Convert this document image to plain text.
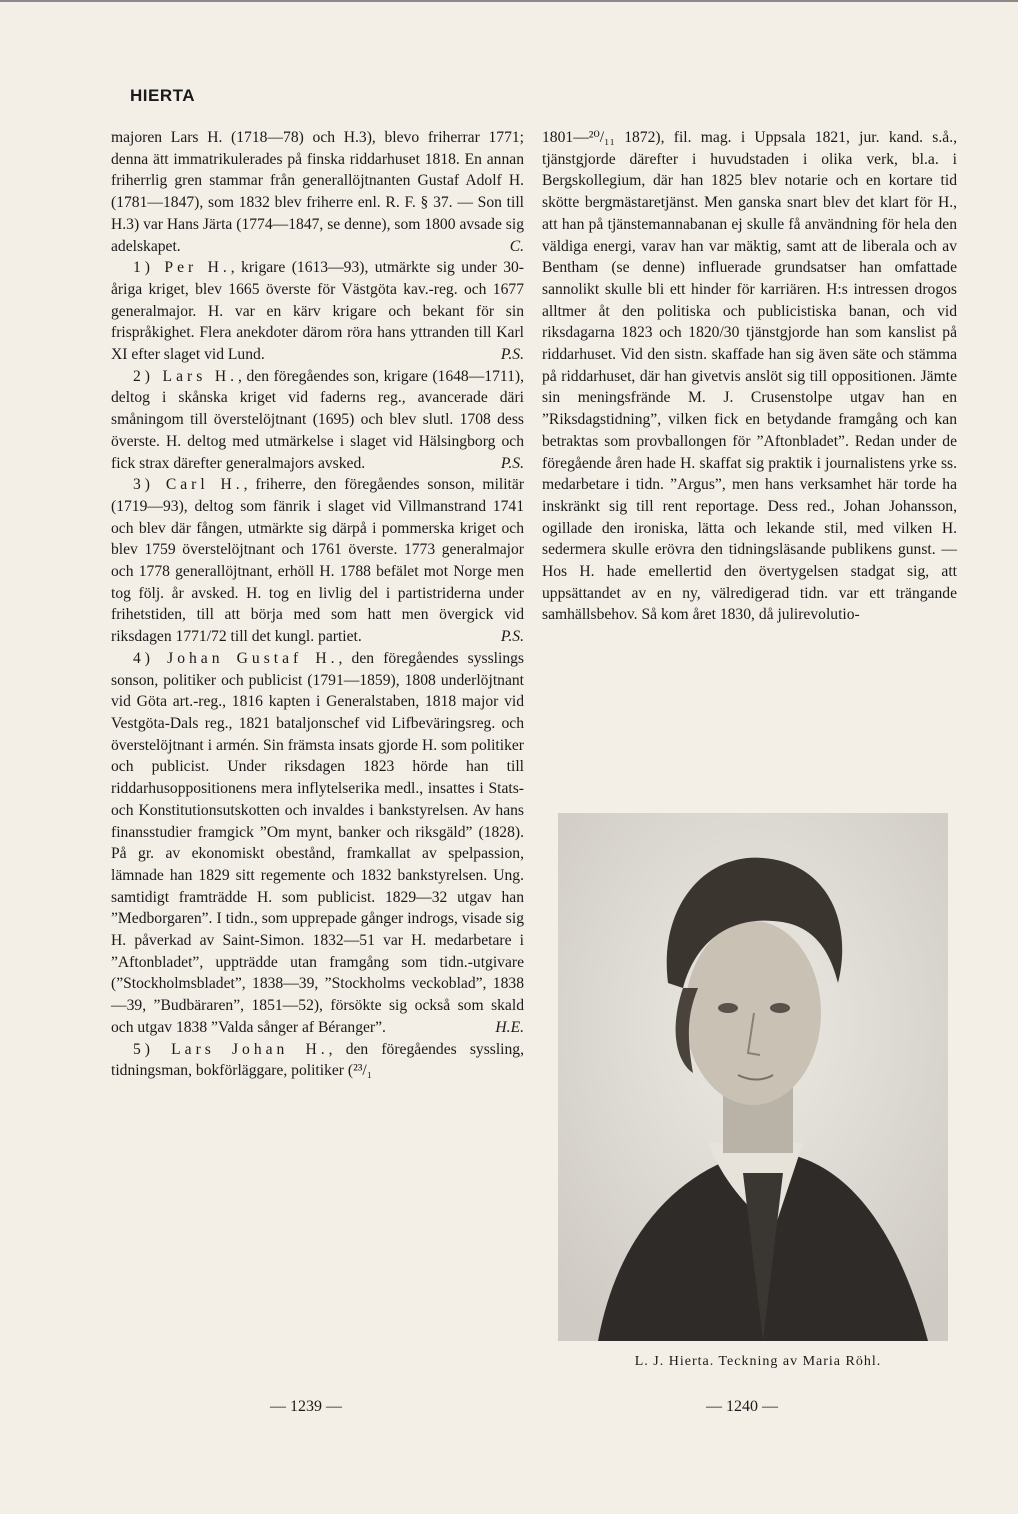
HIERTA

majoren Lars H. (1718—78) och H.3), blevo friherrar 1771; denna ätt immatrikulerades på finska riddarhuset 1818. En annan friherrlig gren stammar från generallöjtnanten Gustaf Adolf H. (1781—1847), som 1832 blev friherre enl. R. F. § 37. — Son till H.3) var Hans Järta (1774—1847, se denne), som 1800 avsade sig adelskapet.	C.

1) Per H., krigare (1613—93), utmärkte sig under 30-åriga kriget, blev 1665 överste för Västgöta kav.-reg. och 1677 generalmajor. H. var en kärv krigare och bekant för sin frispråkighet. Flera anekdoter därom röra hans yttranden till Karl XI efter slaget vid Lund.	P.S.

2) Lars H., den föregåendes son, krigare (1648—1711), deltog i skånska kriget vid faderns reg., avancerade däri småningom till överstelöjtnant (1695) och blev slutl. 1708 dess överste. H. deltog med utmärkelse i slaget vid Hälsingborg och fick strax därefter generalmajors avsked.	P.S.

3) Carl H., friherre, den föregåendes sonson, militär (1719—93), deltog som fänrik i slaget vid Villmanstrand 1741 och blev där fången, utmärkte sig därpå i pommerska kriget och blev 1759 överstelöjtnant och 1761 överste. 1773 generalmajor och 1778 generallöjtnant, erhöll H. 1788 befälet mot Norge men tog följ. år avsked. H. tog en livlig del i partistriderna under frihetstiden, till att börja med som hatt men övergick vid riksdagen 1771/72 till det kungl. partiet.	P.S.

4) Johan Gustaf H., den föregåendes sysslings sonson, politiker och publicist (1791—1859), 1808 underlöjtnant vid Göta art.-reg., 1816 kapten i Generalstaben, 1818 major vid Vestgöta-Dals reg., 1821 bataljonschef vid Lifbeväringsreg. och överstelöjtnant i armén. Sin främsta insats gjorde H. som politiker och publicist. Under riksdagen 1823 hörde han till riddarhusoppositionens mera inflytelserika medl., insattes i Stats- och Konstitutionsutskotten och invaldes i bankstyrelsen. Av hans finansstudier framgick ”Om mynt, banker och riksgäld” (1828). På gr. av ekonomiskt obestånd, framkallat av spelpassion, lämnade han 1829 sitt regemente och 1832 bankstyrelsen. Ung. samtidigt framträdde H. som publicist. 1829—32 utgav han ”Medborgaren”. I tidn., som upprepade gånger indrogs, visade sig H. påverkad av Saint-Simon. 1832—51 var H. medarbetare i ”Aftonbladet”, uppträdde utan framgång som tidn.-utgivare (”Stockholmsbladet”, 1838—39, ”Stockholms veckoblad”, 1838—39, ”Budbäraren”, 1851—52), försökte sig också som skald och utgav 1838 ”Valda sånger af Béranger”.	H.E.

5) Lars Johan H., den föregåendes syssling, tidningsman, bokförläggare, politiker (²³/₁

1801—²⁰/₁₁ 1872), fil. mag. i Uppsala 1821, jur. kand. s.å., tjänstgjorde därefter i huvudstaden i olika verk, bl.a. i Bergskollegium, där han 1825 blev notarie och en kortare tid skötte bergmästaretjänst. Men ganska snart blev det klart för H., att han på tjänstemannabanan ej skulle få användning för hela den väldiga energi, varav han var mäktig, samt att de liberala och av Bentham (se denne) influerade grundsatser han omfattade sannolikt skulle bli ett hinder för karriären. H:s intressen drogos alltmer åt den politiska och publicistiska banan, och vid riksdagarna 1823 och 1820/30 tjänstgjorde han som kanslist på riddarhuset. Vid den sistn. skaffade han sig även säte och stämma på riddarhuset, där han givetvis anslöt sig till oppositionen. Jämte sin meningsfrände M. J. Crusenstolpe utgav han en ”Riksdagstidning”, vilken fick en betydande framgång och kan betraktas som provballongen för ”Aftonbladet”. Redan under de föregående åren hade H. skaffat sig praktik i journalistens yrke ss. medarbetare i tidn. ”Argus”, men hans verksamhet här torde ha inskränkt sig till rent reportage. Dess red., Johan Johansson, ogillade den ironiska, lätta och lekande stil, med vilken H. sedermera skulle erövra den tidningsläsande publikens gunst. — Hos H. hade emellertid den övertygelsen stadgat sig, att uppsättandet av en ny, välredigerad tidn. var ett trängande samhällsbehov. Så kom året 1830, då julirevolutio-

L. J. Hierta. Teckning av Maria Röhl.
— 1239 —	— 1240 —
